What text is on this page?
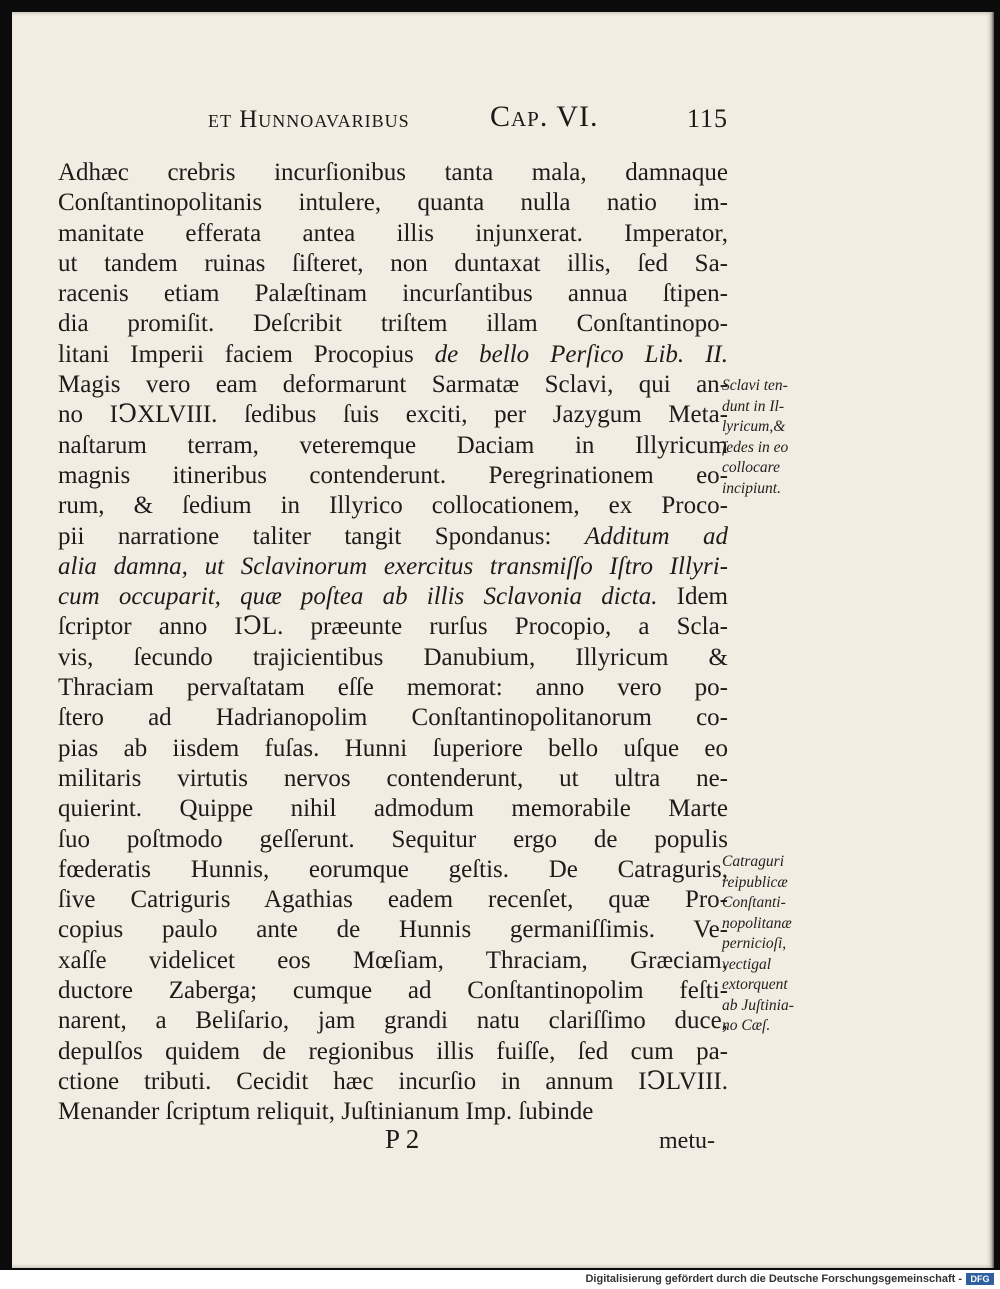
et Hunnoavaribus	Cap. VI.	115
Adhæc crebris incurſionibus tanta mala, damnaque
Conſtantinopolitanis intulere, quanta nulla natio im-
manitate efferata antea illis injunxerat. Imperator,
ut tandem ruinas ſiſteret, non duntaxat illis, ſed Sa-
racenis etiam Palæſtinam incurſantibus annua ſtipen-
dia promiſit. Deſcribit triſtem illam Conſtantinopo-
litani Imperii faciem Procopius de bello Perſico Lib. II.
Magis vero eam deformarunt Sarmatæ Sclavi, qui an-
no IↃXLVIII. ſedibus ſuis exciti, per Jazygum Meta-
naſtarum terram, veteremque Daciam in Illyricum
magnis itineribus contenderunt. Peregrinationem eo-
rum, & ſedium in Illyrico collocationem, ex Proco-
pii narratione taliter tangit Spondanus: Additum ad
alia damna, ut Sclavinorum exercitus transmiſſo Iſtro Illyri-
cum occuparit, quæ poſtea ab illis Sclavonia dicta. Idem
ſcriptor anno IↃL. præeunte rurſus Procopio, a Scla-
vis, ſecundo trajicientibus Danubium, Illyricum &
Thraciam pervaſtatam eſſe memorat: anno vero po-
ſtero ad Hadrianopolim Conſtantinopolitanorum co-
pias ab iisdem fuſas. Hunni ſuperiore bello uſque eo
militaris virtutis nervos contenderunt, ut ultra ne-
quierint. Quippe nihil admodum memorabile Marte
ſuo poſtmodo geſſerunt. Sequitur ergo de populis
fœderatis Hunnis, eorumque geſtis. De Catraguris,
ſive Catriguris Agathias eadem recenſet, quæ Pro-
copius paulo ante de Hunnis germaniſſimis. Ve-
xaſſe videlicet eos Mœſiam, Thraciam, Græciam,
ductore Zaberga; cumque ad Conſtantinopolim feſti-
narent, a Beliſario, jam grandi natu clariſſimo duce,
depulſos quidem de regionibus illis fuiſſe, ſed cum pa-
ctione tributi. Cecidit hæc incurſio in annum IↃLVIII.
Menander ſcriptum reliquit, Juſtinianum Imp. ſubinde
P 2	metu-
Sclavi ten-
dunt in Il-
lyricum,&
ſedes in eo
collocare
incipiunt.
Catraguri
reipublicæ
Conſtanti-
nopolitanæ
pernicioſi,
vectigal
extorquent
ab Juſtinia-
no Cæſ.
Digitalisierung gefördert durch die Deutsche Forschungsgemeinschaft - DFG
